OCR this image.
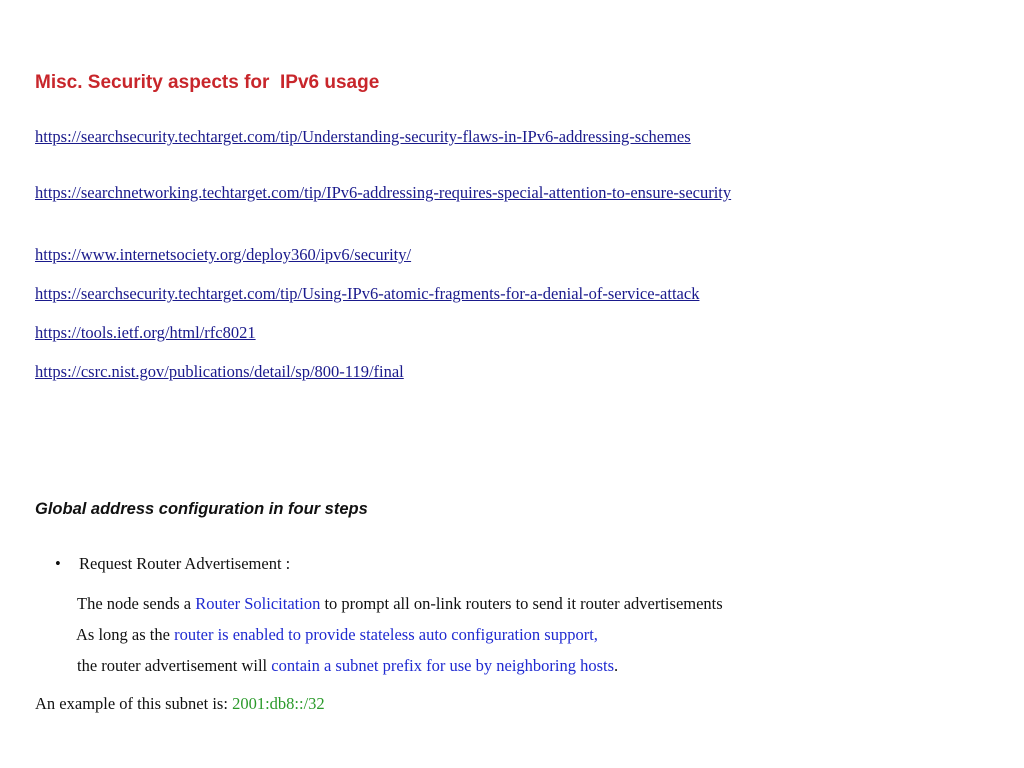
Misc. Security aspects for  IPv6 usage
https://searchsecurity.techtarget.com/tip/Understanding-security-flaws-in-IPv6-addressing-schemes
https://searchnetworking.techtarget.com/tip/IPv6-addressing-requires-special-attention-to-ensure-security
https://www.internetsociety.org/deploy360/ipv6/security/
https://searchsecurity.techtarget.com/tip/Using-IPv6-atomic-fragments-for-a-denial-of-service-attack
https://tools.ietf.org/html/rfc8021
https://csrc.nist.gov/publications/detail/sp/800-119/final
Global address configuration in four steps
• Request Router Advertisement :
The node sends a Router Solicitation to prompt all on-link routers to send it router advertisements
As long as the router is enabled to provide stateless auto configuration support,
the router advertisement will contain a subnet prefix for use by neighboring hosts.
An example of this subnet is: 2001:db8::/32
